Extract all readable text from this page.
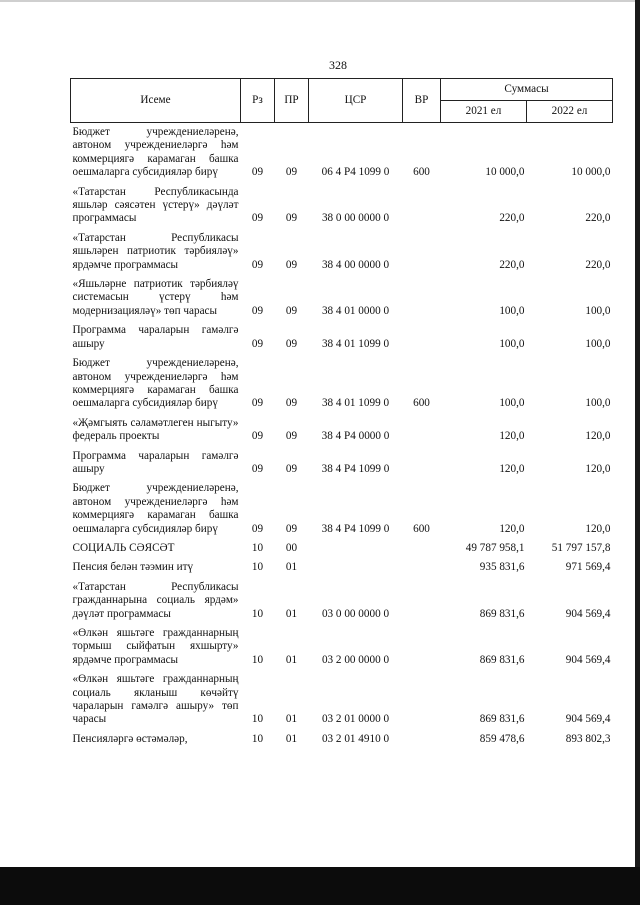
328
Исеме	Рз	ПР	ЦСР	ВР	Суммасы	
					2021 ел	2022 ел
Бюджет учреждениеләренә, автоном учреждениеләргә һәм коммерциягә карамаган башка оешмаларга субсидияләр бирү	09	09	06 4 P4 1099 0	600	10 000,0	10 000,0
«Татарстан Республикасында яшьләр сәясәтен үстерү» дәүләт программасы	09	09	38 0 00 0000 0		220,0	220,0
«Татарстан Республикасы яшьләрен патриотик тәрбияләү» ярдәмче программасы	09	09	38 4 00 0000 0		220,0	220,0
«Яшьләрне патриотик тәрбияләү системасын үстерү һәм модернизацияләү» төп чарасы	09	09	38 4 01 0000 0		100,0	100,0
Программа чараларын гамәлгә ашыру	09	09	38 4 01 1099 0		100,0	100,0
Бюджет учреждениеләренә, автоном учреждениеләргә һәм коммерциягә карамаган башка оешмаларга субсидияләр бирү	09	09	38 4 01 1099 0	600	100,0	100,0
«Җәмгыять сәламәтлеген ныгыту» федераль проекты	09	09	38 4 P4 0000 0		120,0	120,0
Программа чараларын гамәлгә ашыру	09	09	38 4 P4 1099 0		120,0	120,0
Бюджет учреждениеләренә, автоном учреждениеләргә һәм коммерциягә карамаган башка оешмаларга субсидияләр бирү	09	09	38 4 P4 1099 0	600	120,0	120,0
СОЦИАЛЬ СӘЯСӘТ	10	00			49 787 958,1	51 797 157,8
Пенсия белән тәэмин итү	10	01			935 831,6	971 569,4
«Татарстан Республикасы гражданнарына социаль ярдәм» дәүләт программасы	10	01	03 0 00 0000 0		869 831,6	904 569,4
«Өлкән яшьтәге гражданнарның тормыш сыйфатын яхшырту» ярдәмче программасы	10	01	03 2 00 0000 0		869 831,6	904 569,4
«Өлкән яшьтәге гражданнарның социаль якланыш көчәйтү чараларын гамәлгә ашыру» төп чарасы	10	01	03 2 01 0000 0		869 831,6	904 569,4
Пенсияләргә өстәмәләр,	10	01	03 2 01 4910 0		859 478,6	893 802,3
